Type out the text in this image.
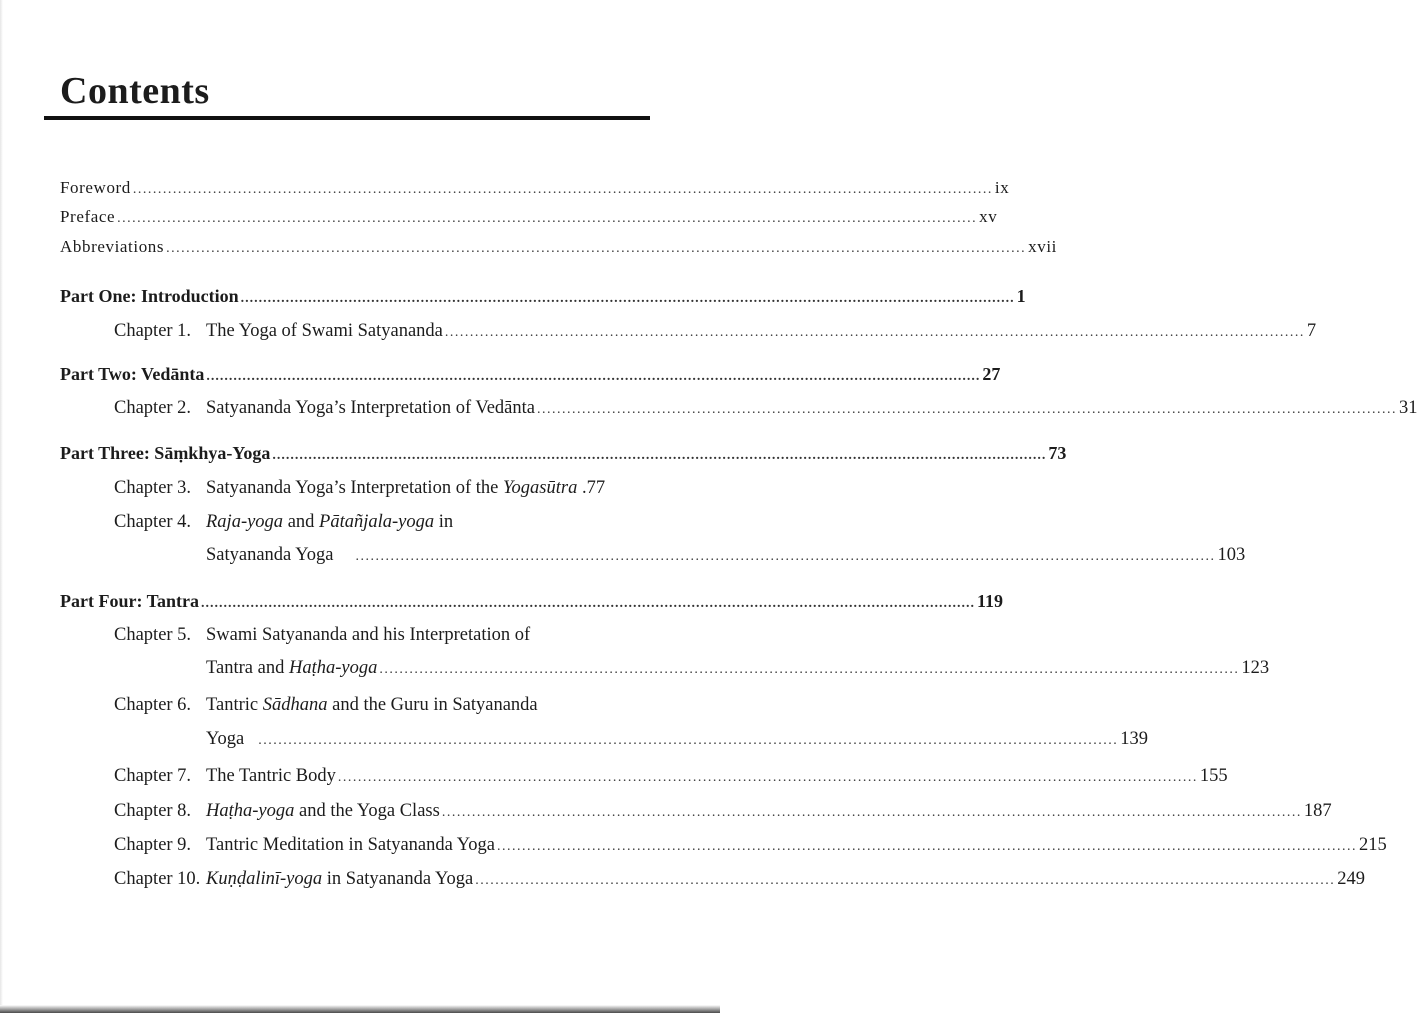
Contents
Foreword ............................................................................................................................................................................ ix
Preface ............................................................................................................................................................................ xv
Abbreviations ............................................................................................................................................................................ xvii
Part One: Introduction ............................................................................................................................................................................ 1
Chapter 1. The Yoga of Swami Satyananda ............................................................................................................................................................................ 7
Part Two: Vedānta ............................................................................................................................................................................ 27
Chapter 2. Satyananda Yoga’s Interpretation of Vedānta ............................................................................................................................................................................ 31
Part Three: Sāṃkhya-Yoga ............................................................................................................................................................................ 73
Chapter 3. Satyananda Yoga’s Interpretation of the Yogasūtra .77
Chapter 4. Raja-yoga and Pātañjala-yoga in
Satyananda Yoga ............................................................................................................................................................................ 103
Part Four: Tantra ............................................................................................................................................................................ 119
Chapter 5. Swami Satyananda and his Interpretation of
Tantra and Haṭha-yoga ............................................................................................................................................................................ 123
Chapter 6. Tantric Sādhana and the Guru in Satyananda
Yoga ............................................................................................................................................................................ 139
Chapter 7. The Tantric Body ............................................................................................................................................................................ 155
Chapter 8. Haṭha-yoga and the Yoga Class ............................................................................................................................................................................ 187
Chapter 9. Tantric Meditation in Satyananda Yoga ............................................................................................................................................................................ 215
Chapter 10. Kuṇḍalinī-yoga in Satyananda Yoga ............................................................................................................................................................................ 249
